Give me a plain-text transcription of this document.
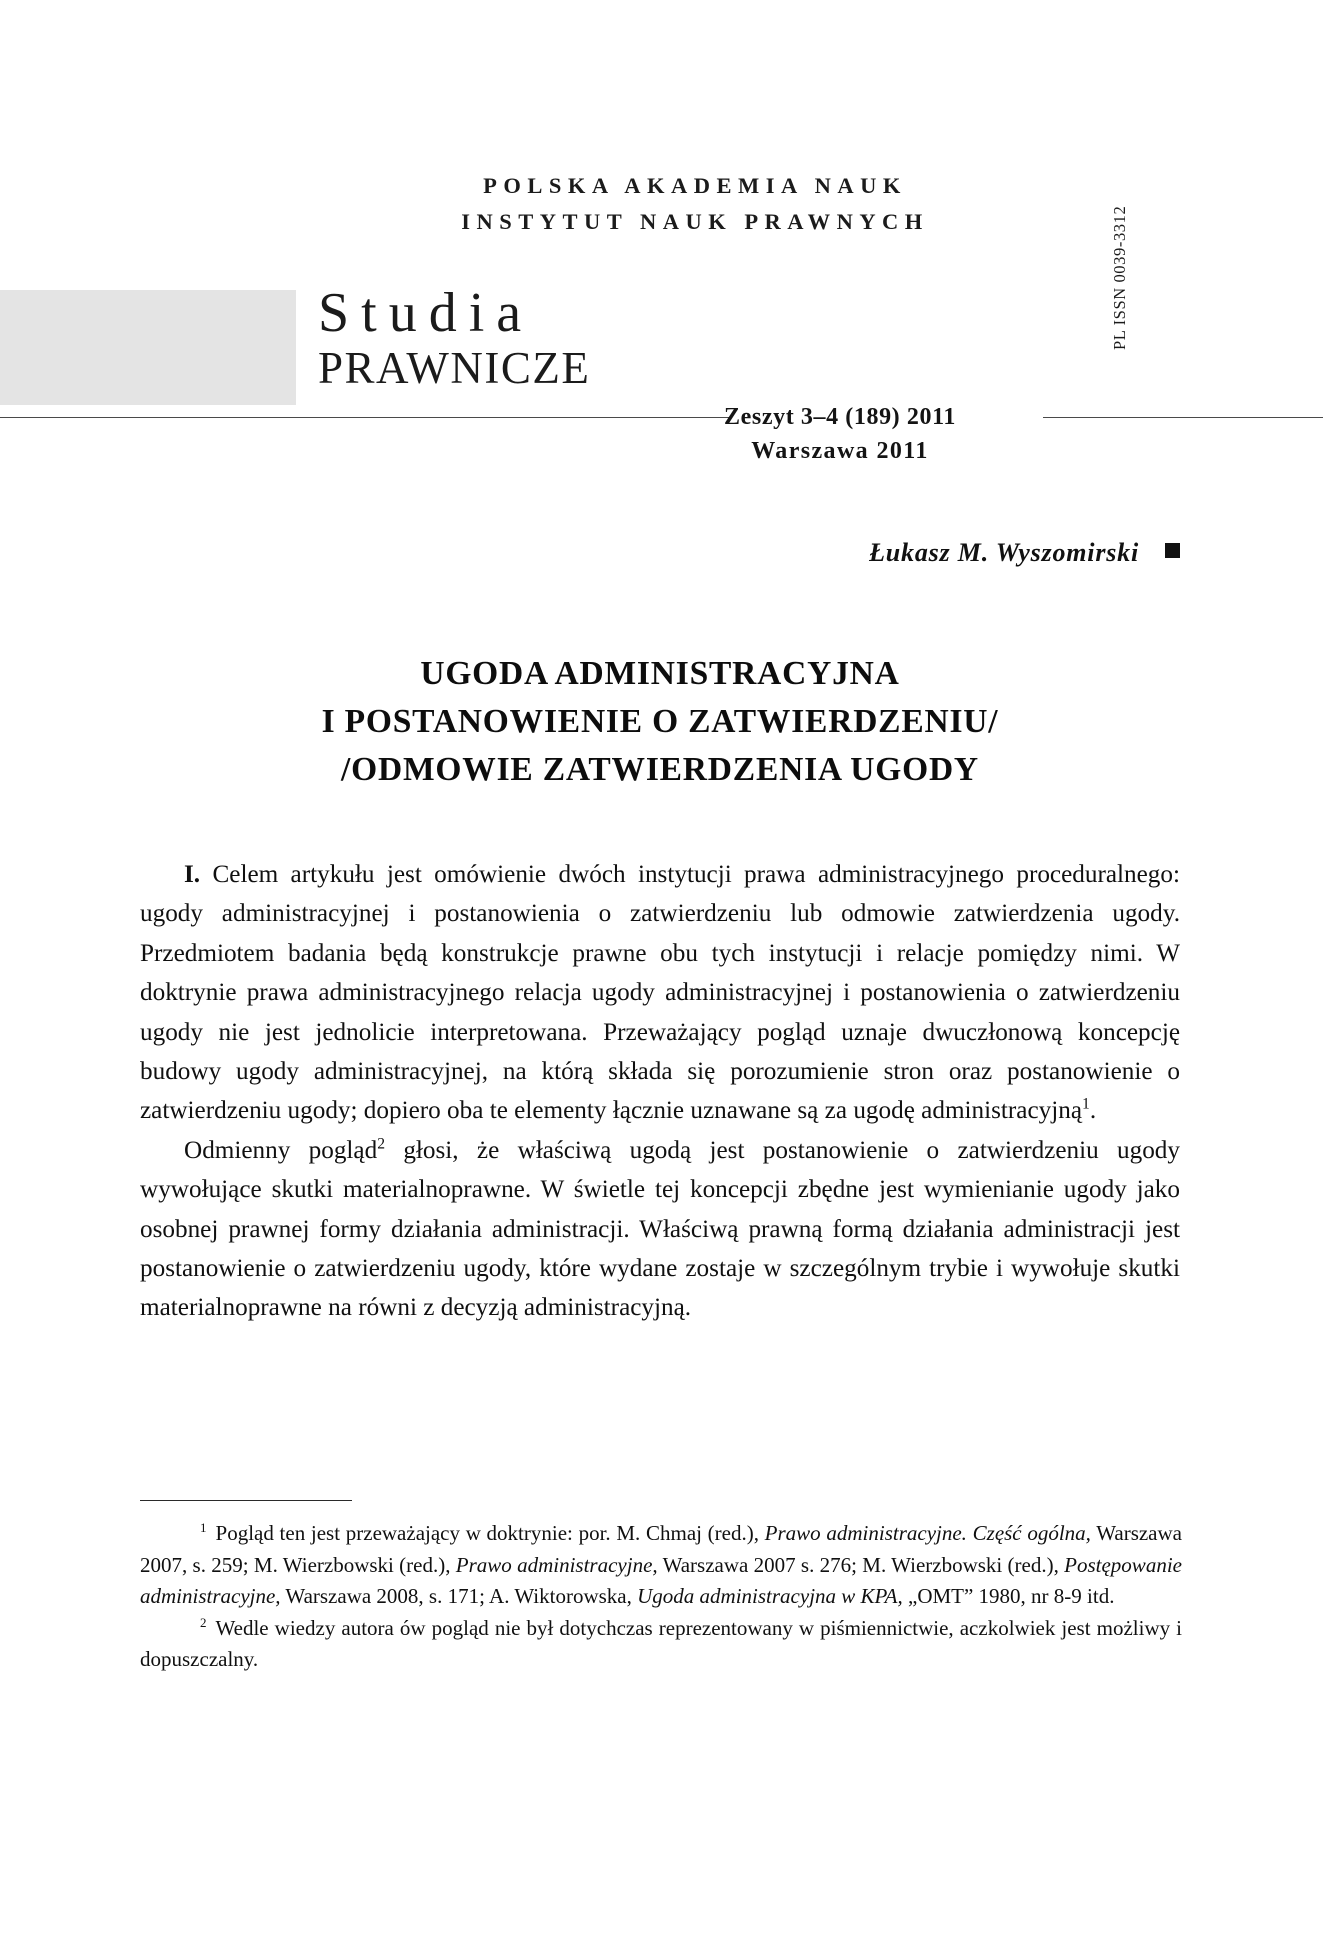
POLSKA AKADEMIA NAUK
INSTYTUT NAUK PRAWNYCH
Studia
PRAWNICZE
PL ISSN 0039-3312
Zeszyt 3–4 (189) 2011
Warszawa 2011
Łukasz M. Wyszomirski
UGODA ADMINISTRACYJNA
I POSTANOWIENIE O ZATWIERDZENIU/
/ODMOWIE ZATWIERDZENIA UGODY

I. Celem artykułu jest omówienie dwóch instytucji prawa administracyjnego proceduralnego: ugody administracyjnej i postanowienia o zatwierdzeniu lub odmowie zatwierdzenia ugody. Przedmiotem badania będą konstrukcje prawne obu tych instytucji i relacje pomiędzy nimi. W doktrynie prawa administracyjnego relacja ugody administracyjnej i postanowienia o zatwierdzeniu ugody nie jest jednolicie interpretowana. Przeważający pogląd uznaje dwuczłonową koncepcję budowy ugody administracyjnej, na którą składa się porozumienie stron oraz postanowienie o zatwierdzeniu ugody; dopiero oba te elementy łącznie uznawane są za ugodę administracyjną$^1$.

Odmienny pogląd$^2$ głosi, że właściwą ugodą jest postanowienie o zatwierdzeniu ugody wywołujące skutki materialnoprawne. W świetle tej koncepcji zbędne jest wymienianie ugody jako osobnej prawnej formy działania administracji. Właściwą prawną formą działania administracji jest postanowienie o zatwierdzeniu ugody, które wydane zostaje w szczególnym trybie i wywołuje skutki materialnoprawne na równi z decyzją administracyjną.

$^1$ Pogląd ten jest przeważający w doktrynie: por. M. Chmaj (red.), Prawo administracyjne. Część ogólna, Warszawa 2007, s. 259; M. Wierzbowski (red.), Prawo administracyjne, Warszawa 2007 s. 276; M. Wierzbowski (red.), Postępowanie administracyjne, Warszawa 2008, s. 171; A. Wiktorowska, Ugoda administracyjna w KPA, „OMT” 1980, nr 8-9 itd.

$^2$ Wedle wiedzy autora ów pogląd nie był dotychczas reprezentowany w piśmiennictwie, aczkolwiek jest możliwy i dopuszczalny.
